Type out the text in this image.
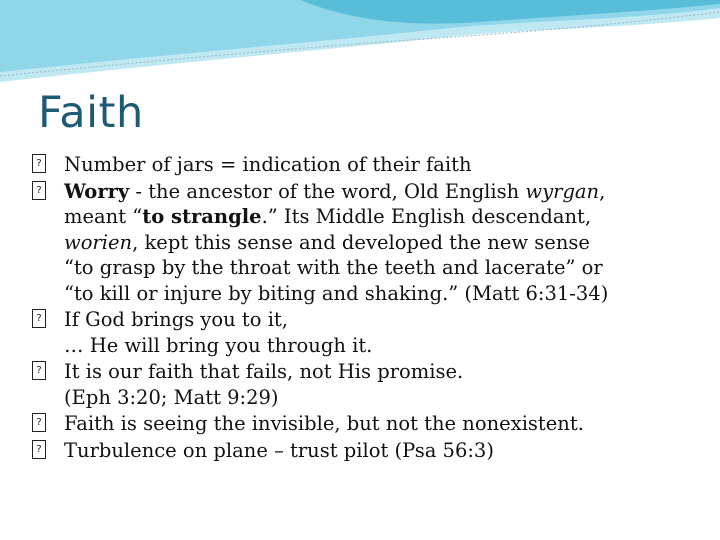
Faith
? Number of jars = indication of their faith
? Worry - the ancestor of the word, Old English wyrgan,
meant “to strangle.” Its Middle English descendant,
worien, kept this sense and developed the new sense
“to grasp by the throat with the teeth and lacerate” or
“to kill or injure by biting and shaking.” (Matt 6:31-34)
? If God brings you to it,
… He will bring you through it.
? It is our faith that fails, not His promise.
(Eph 3:20; Matt 9:29)
? Faith is seeing the invisible, but not the nonexistent.
? Turbulence on plane – trust pilot (Psa 56:3)
